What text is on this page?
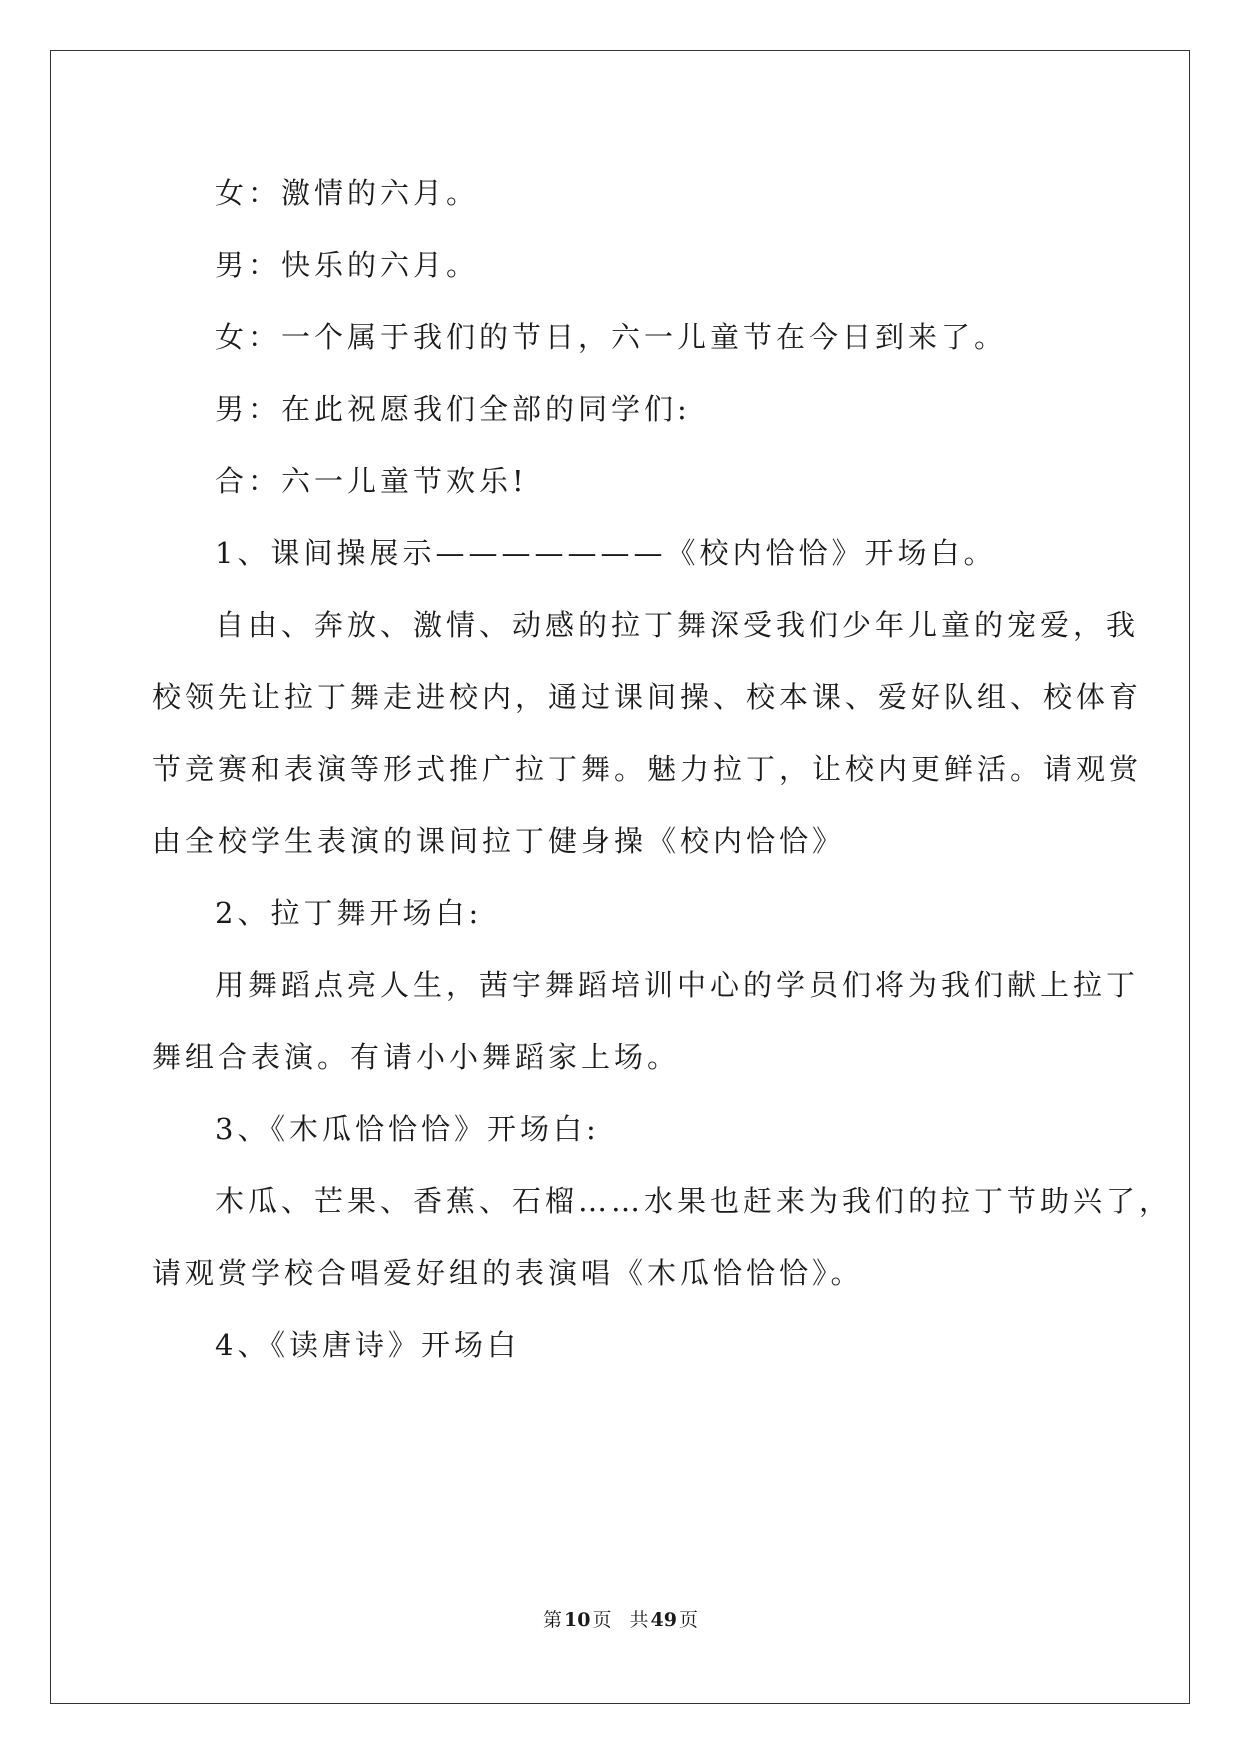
女：激情的六月。
男：快乐的六月。
女：一个属于我们的节日，六一儿童节在今日到来了。
男：在此祝愿我们全部的同学们:
合：六一儿童节欢乐!
1、课间操展示———————《校内恰恰》开场白。
自由、奔放、激情、动感的拉丁舞深受我们少年儿童的宠爱，我
校领先让拉丁舞走进校内，通过课间操、校本课、爱好队组、校体育
节竞赛和表演等形式推广拉丁舞。魅力拉丁，让校内更鲜活。请观赏
由全校学生表演的课间拉丁健身操《校内恰恰》
2、拉丁舞开场白:
用舞蹈点亮人生，茜宇舞蹈培训中心的学员们将为我们献上拉丁
舞组合表演。有请小小舞蹈家上场。
3、《木瓜恰恰恰》开场白:
木瓜、芒果、香蕉、石榴……水果也赶来为我们的拉丁节助兴了，
请观赏学校合唱爱好组的表演唱《木瓜恰恰恰》。
4、《读唐诗》开场白
第 10 页 共 49 页
